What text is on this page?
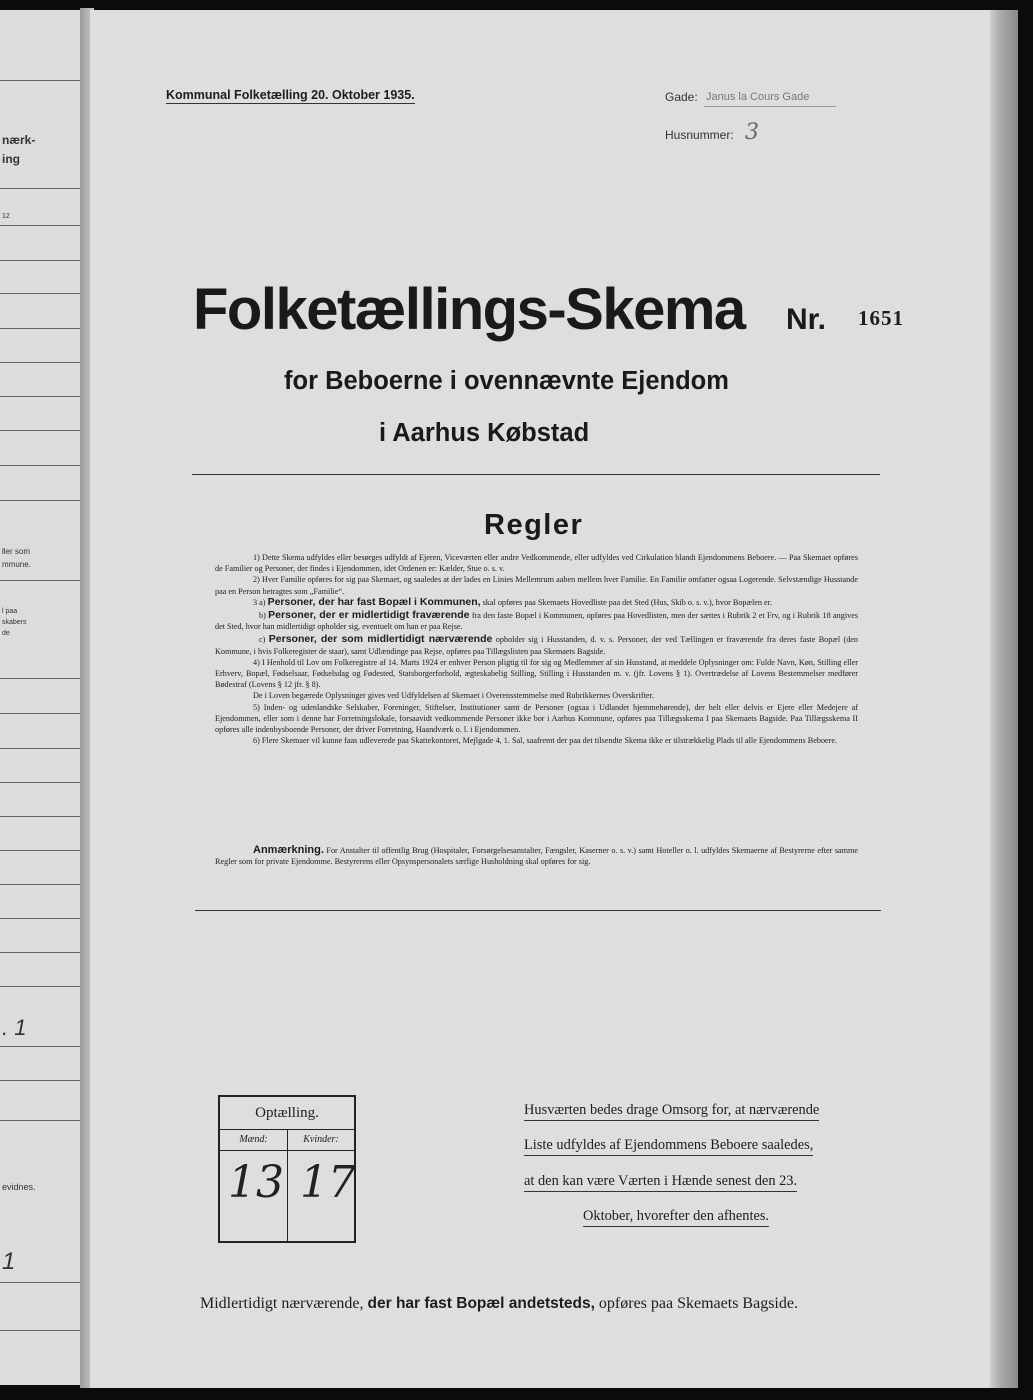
nærk-
ing
12
ller som
mmune.
l paa
skabers
de
. 1
evidnes.
1
Kommunal Folketælling 20. Oktober 1935.	Gade: Janus la Cours Gade
Husnummer: 3
Folketællings-Skema Nr. 1651
for Beboerne i ovennævnte Ejendom
i Aarhus Købstad
Regler
1) Dette Skema udfyldes eller besørges udfyldt af Ejeren, Viceværten eller andre Vedkommende, eller udfyldes ved Cirkulation blandt Ejendommens Beboere. — Paa Skemaet opføres de Familier og Personer, der findes i Ejendommen, idet Ordenen er: Kælder, Stue o. s. v.
2) Hver Familie opføres for sig paa Skemaet, og saaledes at der lades en Linies Mellemrum aaben mellem hver Familie. En Familie omfatter ogsaa Logerende. Selvstændige Husstande paa en Person betragtes som „Familie“.
3 a) Personer, der har fast Bopæl i Kommunen, skal opføres paa Skemaets Hovedliste paa det Sted (Hus, Skib o. s. v.), hvor Bopælen er.
b) Personer, der er midlertidigt fraværende fra den faste Bopæl i Kommunen, opføres paa Hovedlisten, men der sættes i Rubrik 2 et Frv, og i Rubrik 18 angives det Sted, hvor han midlertidigt opholder sig, eventuelt om han er paa Rejse.
c) Personer, der som midlertidigt nærværende opholder sig i Husstanden, d. v. s. Personer, der ved Tællingen er fraværende fra deres faste Bopæl (den Kommune, i hvis Folkeregister de staar), samt Udlændinge paa Rejse, opføres paa Tillægslisten paa Skemaets Bagside.
4) I Henhold til Lov om Folkeregistre af 14. Marts 1924 er enhver Person pligtig til for sig og Medlemmer af sin Husstand, at meddele Oplysninger om: Fulde Navn, Køn, Stilling eller Erhverv, Bopæl, Fødselsaar, Fødselsdag og Fødested, Statsborgerforhold, ægteskabelig Stilling, Stilling i Husstanden m. v. (jfr. Lovens § 1). Overtrædelse af Lovens Bestemmelser medfører Bødestraf (Lovens § 12 jfr. § 8).
De i Loven begærede Oplysninger gives ved Udfyldelsen af Skemaet i Overensstemmelse med Rubrikkernes Overskrifter.
5) Inden- og udenlandske Selskaber, Foreninger, Stiftelser, Institutioner samt de Personer (ogsaa i Udlandet hjemmehørende), der helt eller delvis er Ejere eller Medejere af Ejendommen, eller som i denne har Forretningslokale, forsaavidt vedkommende Personer ikke bor i Aarhus Kommune, opføres paa Tillægsskema I paa Skemaets Bagside. Paa Tillægsskema II opføres alle indenbysboende Personer, der driver Forretning, Haandværk o. l. i Ejendommen.
6) Flere Skemaer vil kunne faas udleverede paa Skattekontoret, Mejlgade 4, 1. Sal, saafremt der paa det tilsendte Skema ikke er tilstrækkelig Plads til alle Ejendommens Beboere.
Anmærkning. For Anstalter til offentlig Brug (Hospitaler, Forsørgelsesanstalter, Fængsler, Kaserner o. s. v.) samt Hoteller o. l. udfyldes Skemaerne af Bestyrerne efter samme Regler som for private Ejendomme. Bestyrerens eller Opsynspersonalets særlige Husholdning skal opføres for sig.
Optælling.
Mænd:	Kvinder:
13 17
Husværten bedes drage Omsorg for, at nærværende
Liste udfyldes af Ejendommens Beboere saaledes,
at den kan være Værten i Hænde senest den 23.
Oktober, hvorefter den afhentes.
Midlertidigt nærværende, der har fast Bopæl andetsteds, opføres paa Skemaets Bagside.
